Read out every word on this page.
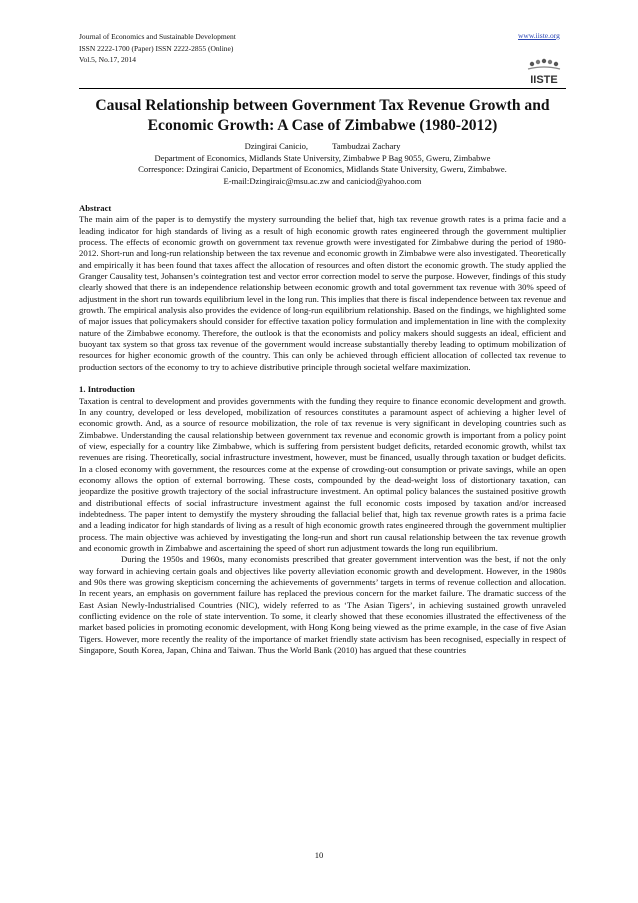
Journal of Economics and Sustainable Development
ISSN 2222-1700 (Paper) ISSN 2222-2855 (Online)
Vol.5, No.17, 2014
www.iiste.org
IISTE
Causal Relationship between Government Tax Revenue Growth and Economic Growth: A Case of Zimbabwe (1980-2012)
Dzingirai Canicio,	Tambudzai Zachary
Department of Economics, Midlands State University, Zimbabwe P Bag 9055, Gweru, Zimbabwe
Corresponce: Dzingirai Canicio, Department of Economics, Midlands State University, Gweru, Zimbabwe.
E-mail:Dzingiraic@msu.ac.zw and caniciod@yahoo.com
Abstract

The main aim of the paper is to demystify the mystery surrounding the belief that, high tax revenue growth rates is a prima facie and a leading indicator for high standards of living as a result of high economic growth rates engineered through the government multiplier process. The effects of economic growth on government tax revenue growth were investigated for Zimbabwe during the period of 1980-2012. Short-run and long-run relationship between the tax revenue and economic growth in Zimbabwe were also investigated. Theoretically and empirically it has been found that taxes affect the allocation of resources and often distort the economic growth. The study applied the Granger Causality test, Johansen’s cointegration test and vector error correction model to serve the purpose. However, findings of this study clearly showed that there is an independence relationship between economic growth and total government tax revenue with 30% speed of adjustment in the short run towards equilibrium level in the long run. This implies that there is fiscal independence between tax revenue and growth. The empirical analysis also provides the evidence of long-run equilibrium relationship. Based on the findings, we highlighted some of major issues that policymakers should consider for effective taxation policy formulation and implementation in line with the complexity nature of the Zimbabwe economy. Therefore, the outlook is that the economists and policy makers should suggests an ideal, efficient and buoyant tax system so that gross tax revenue of the government would increase substantially thereby leading to optimum mobilization of resources for higher economic growth of the country. This can only be achieved through efficient allocation of collected tax revenue to production sectors of the economy to try to achieve distributive principle through societal welfare maximization.

1. Introduction

Taxation is central to development and provides governments with the funding they require to finance economic development and growth. In any country, developed or less developed, mobilization of resources constitutes a paramount aspect of achieving a higher level of economic growth. And, as a source of resource mobilization, the role of tax revenue is very significant in developing countries such as Zimbabwe. Understanding the causal relationship between government tax revenue and economic growth is important from a policy point of view, especially for a country like Zimbabwe, which is suffering from persistent budget deficits, retarded economic growth, whilst tax revenues are rising. Theoretically, social infrastructure investment, however, must be financed, usually through taxation or budget deficits. In a closed economy with government, the resources come at the expense of crowding-out consumption or private savings, while an open economy allows the option of external borrowing. These costs, compounded by the dead-weight loss of distortionary taxation, can jeopardize the positive growth trajectory of the social infrastructure investment. An optimal policy balances the sustained positive growth and distributional effects of social infrastructure investment against the full economic costs imposed by taxation and/or increased indebtedness. The paper intent to demystify the mystery shrouding the fallacial belief that, high tax revenue growth rates is a prima facie and a leading indicator for high standards of living as a result of high economic growth rates engineered through the government multiplier process. The main objective was achieved by investigating the long-run and short run causal relationship between the tax revenue growth and economic growth in Zimbabwe and ascertaining the speed of short run adjustment towards the long run equilibrium.

During the 1950s and 1960s, many economists prescribed that greater government intervention was the best, if not the only way forward in achieving certain goals and objectives like poverty alleviation economic growth and development. However, in the 1980s and 90s there was growing skepticism concerning the achievements of governments’ targets in terms of revenue collection and allocation. In recent years, an emphasis on government failure has replaced the previous concern for the market failure. The dramatic success of the East Asian Newly-Industrialised Countries (NIC), widely referred to as ‘The Asian Tigers’, in achieving sustained growth unraveled conflicting evidence on the role of state intervention. To some, it clearly showed that these economies illustrated the effectiveness of the market based policies in promoting economic development, with Hong Kong being viewed as the prime example, in the case of five Asian Tigers. However, more recently the reality of the importance of market friendly state activism has been recognised, especially in respect of Singapore, South Korea, Japan, China and Taiwan. Thus the World Bank (2010) has argued that these countries

10
